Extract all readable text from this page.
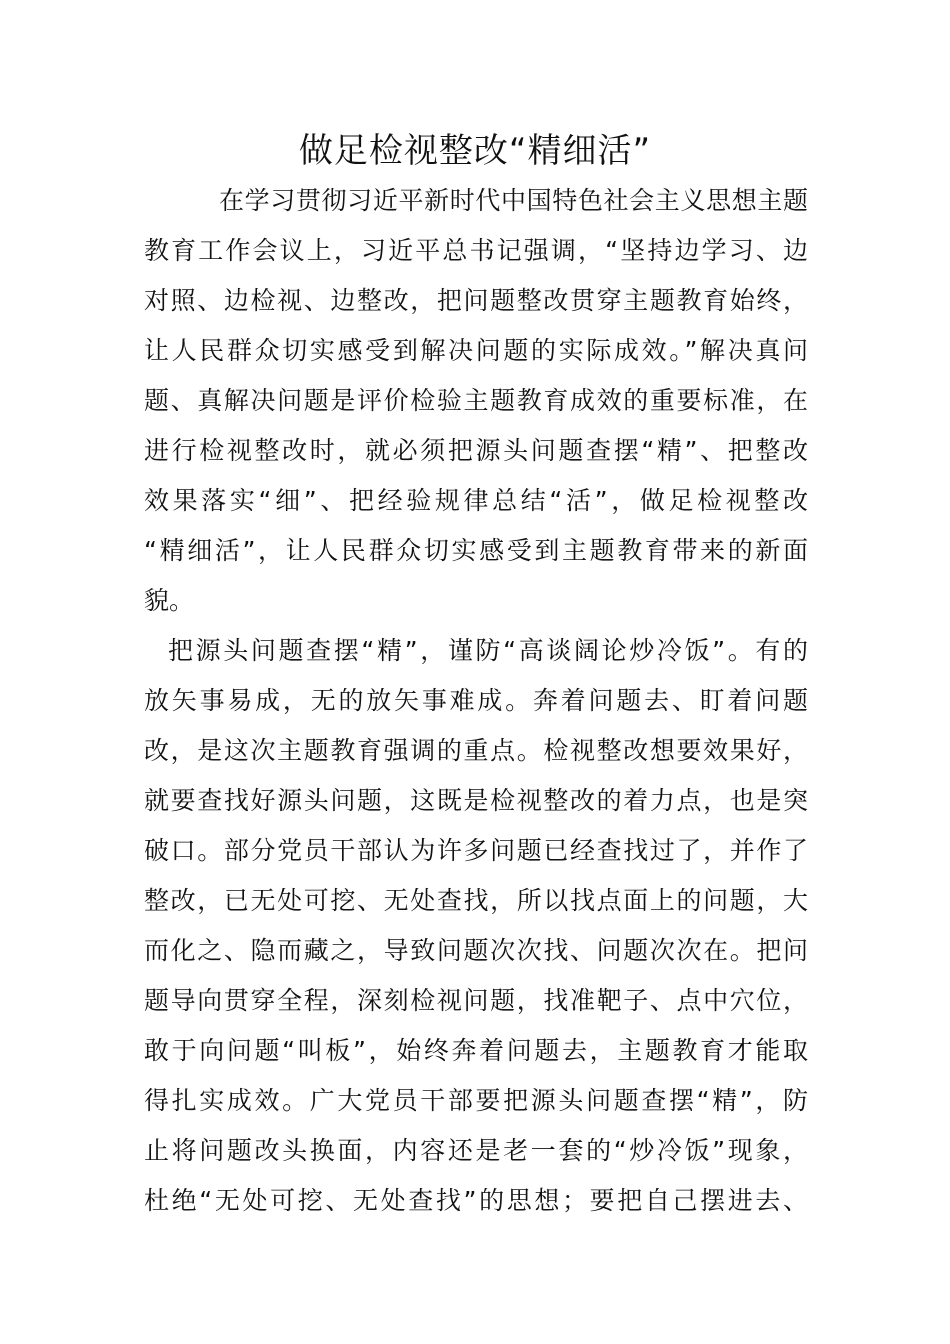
做足检视整改“精细活”
在学习贯彻习近平新时代中国特色社会主义思想主题
教育工作会议上，习近平总书记强调，“坚持边学习、边
对照、边检视、边整改，把问题整改贯穿主题教育始终，
让人民群众切实感受到解决问题的实际成效。”解决真问
题、真解决问题是评价检验主题教育成效的重要标准，在
进行检视整改时，就必须把源头问题查摆“精”、把整改
效果落实“细”、把经验规律总结“活”，做足检视整改
“精细活”，让人民群众切实感受到主题教育带来的新面
貌。
把源头问题查摆“精”，谨防“高谈阔论炒冷饭”。有的
放矢事易成，无的放矢事难成。奔着问题去、盯着问题
改，是这次主题教育强调的重点。检视整改想要效果好，
就要查找好源头问题，这既是检视整改的着力点，也是突
破口。部分党员干部认为许多问题已经查找过了，并作了
整改，已无处可挖、无处查找，所以找点面上的问题，大
而化之、隐而藏之，导致问题次次找、问题次次在。把问
题导向贯穿全程，深刻检视问题，找准靶子、点中穴位，
敢于向问题“叫板”，始终奔着问题去，主题教育才能取
得扎实成效。广大党员干部要把源头问题查摆“精”，防
止将问题改头换面，内容还是老一套的“炒冷饭”现象，
杜绝“无处可挖、无处查找”的思想；要把自己摆进去、
